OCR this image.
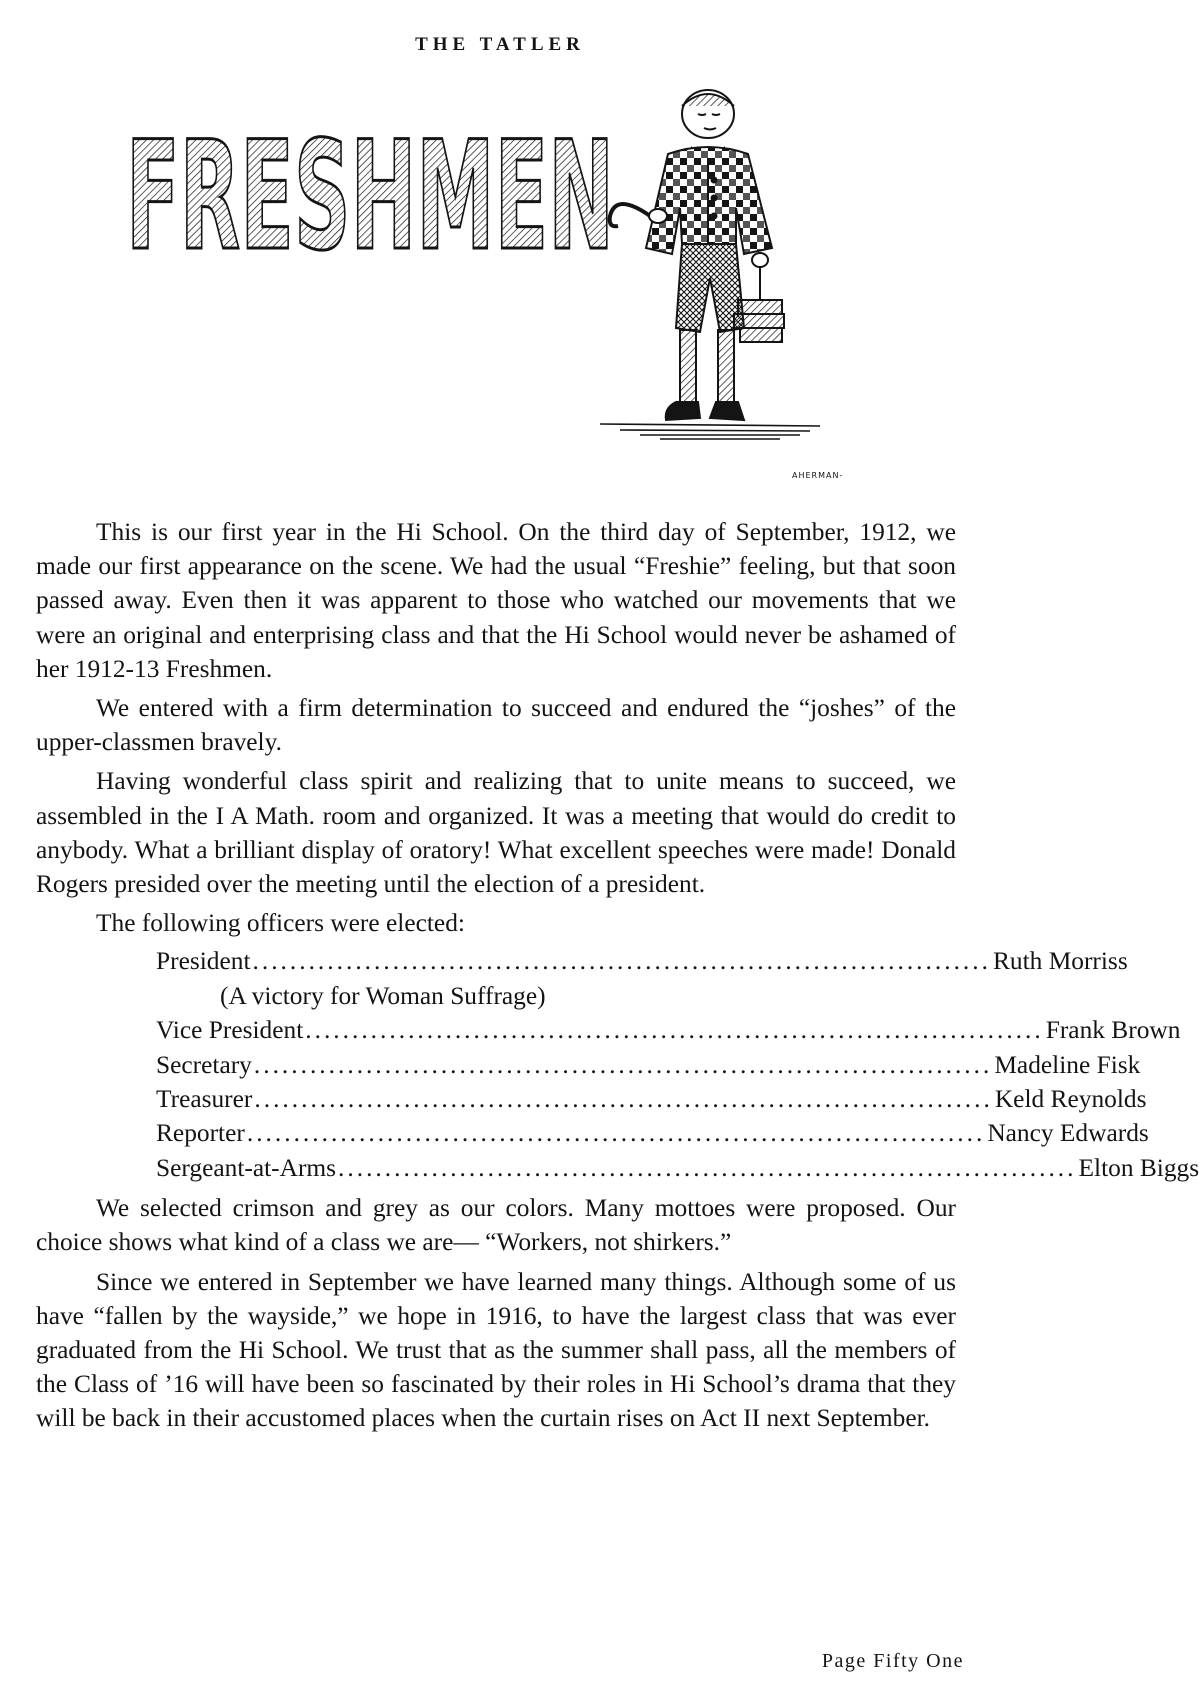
THE TATLER
FRESHMEN
AHERMAN-

This is our first year in the Hi School. On the third day of September, 1912, we made our first appearance on the scene. We had the usual “Freshie” feeling, but that soon passed away. Even then it was apparent to those who watched our movements that we were an original and enterprising class and that the Hi School would never be ashamed of her 1912-13 Freshmen.

We entered with a firm determination to succeed and endured the “joshes” of the upper-classmen bravely.

Having wonderful class spirit and realizing that to unite means to succeed, we assembled in the I A Math. room and organized. It was a meeting that would do credit to anybody. What a brilliant display of oratory! What excellent speeches were made! Donald Rogers presided over the meeting until the election of a president.

The following officers were elected:

President ............................................................................... Ruth Morriss
(A victory for Woman Suffrage)
Vice President ............................................................................... Frank Brown
Secretary ............................................................................... Madeline Fisk
Treasurer ............................................................................... Keld Reynolds
Reporter ............................................................................... Nancy Edwards
Sergeant-at-Arms ............................................................................... Elton Biggs

We selected crimson and grey as our colors. Many mottoes were proposed. Our choice shows what kind of a class we are— “Workers, not shirkers.”

Since we entered in September we have learned many things. Although some of us have “fallen by the wayside,” we hope in 1916, to have the largest class that was ever graduated from the Hi School. We trust that as the summer shall pass, all the members of the Class of ’16 will have been so fascinated by their roles in Hi School’s drama that they will be back in their accustomed places when the curtain rises on Act II next September.

Page Fifty One
